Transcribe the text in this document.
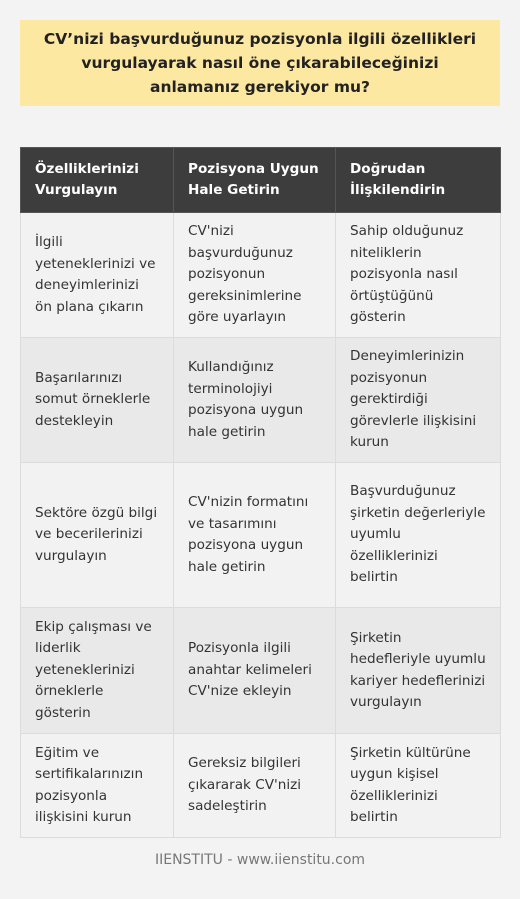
CV’nizi başvurduğunuz pozisyonla ilgili özellikleri vurgulayarak nasıl öne çıkarabileceğinizi anlamanız gerekiyor mu?
Özelliklerinizi Vurgulayın	Pozisyona Uygun Hale Getirin	Doğrudan İlişkilendirin
İlgili yeteneklerinizi ve deneyimlerinizi ön plana çıkarın	CV'nizi başvurduğunuz pozisyonun gereksinimlerine göre uyarlayın	Sahip olduğunuz niteliklerin pozisyonla nasıl örtüştüğünü gösterin
Başarılarınızı somut örneklerle destekleyin	Kullandığınız terminolojiyi pozisyona uygun hale getirin	Deneyimlerinizin pozisyonun gerektirdiği görevlerle ilişkisini kurun
Sektöre özgü bilgi ve becerilerinizi vurgulayın	CV'nizin formatını ve tasarımını pozisyona uygun hale getirin	Başvurduğunuz şirketin değerleriyle uyumlu özelliklerinizi belirtin
Ekip çalışması ve liderlik yeteneklerinizi örneklerle gösterin	Pozisyonla ilgili anahtar kelimeleri CV'nize ekleyin	Şirketin hedefleriyle uyumlu kariyer hedeflerinizi vurgulayın
Eğitim ve sertifikalarınızın pozisyonla ilişkisini kurun	Gereksiz bilgileri çıkararak CV'nizi sadeleştirin	Şirketin kültürüne uygun kişisel özelliklerinizi belirtin
IIENSTITU - www.iienstitu.com
